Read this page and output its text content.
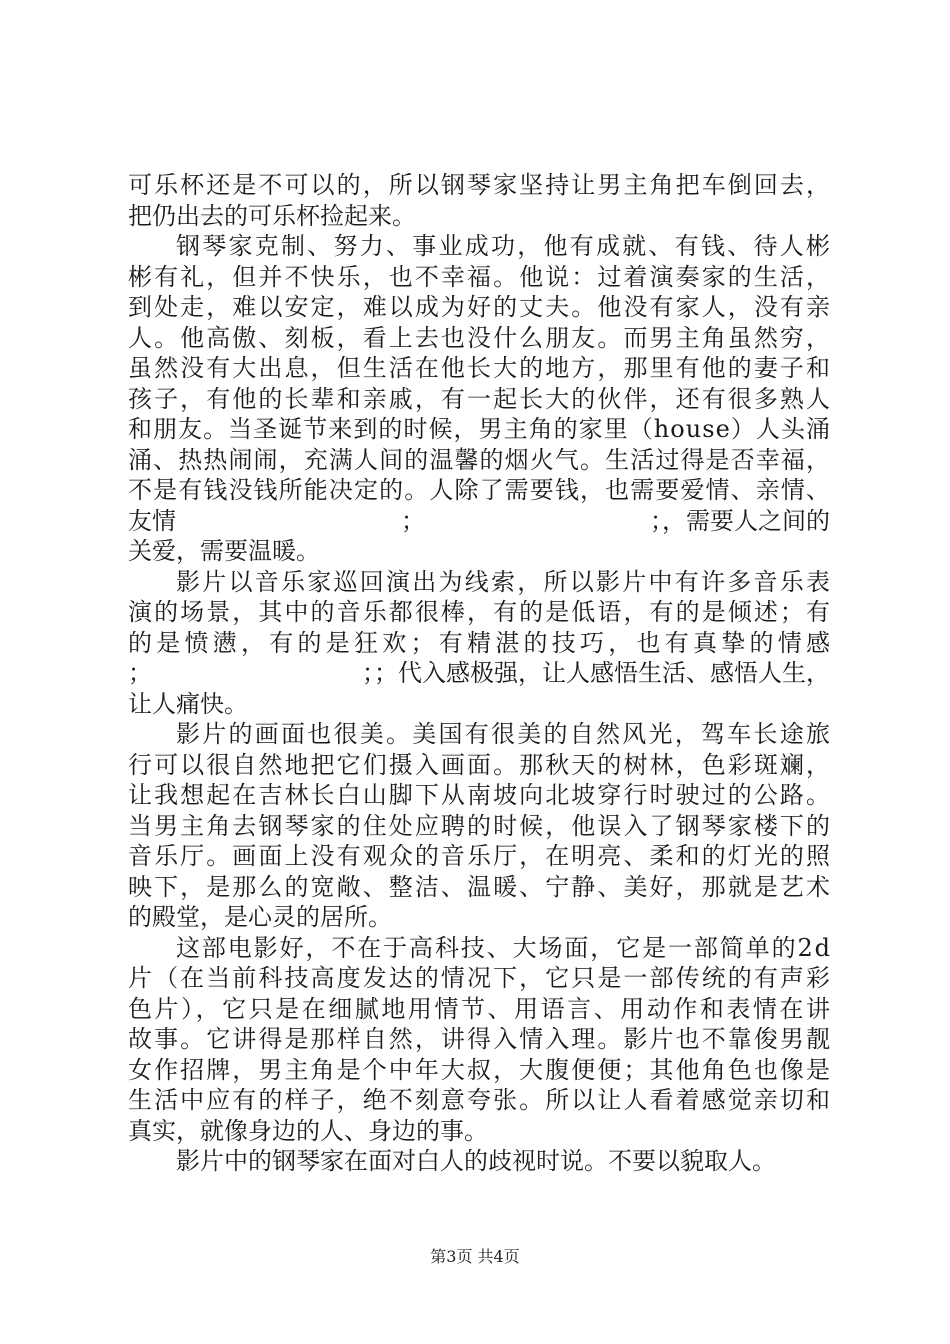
可乐杯还是不可以的，所以钢琴家坚持让男主角把车倒回去，
把仍出去的可乐杯捡起来。
钢琴家克制、努力、事业成功，他有成就、有钱、待人彬
彬有礼，但并不快乐，也不幸福。他说：过着演奏家的生活，
到处走，难以安定，难以成为好的丈夫。他没有家人，没有亲
人。他高傲、刻板，看上去也没什么朋友。而男主角虽然穷，
虽然没有大出息，但生活在他长大的地方，那里有他的妻子和
孩子，有他的长辈和亲戚，有一起长大的伙伴，还有很多熟人
和朋友。当圣诞节来到的时候，男主角的家里（house）人头涌
涌、热热闹闹，充满人间的温馨的烟火气。生活过得是否幸福，
不是有钱没钱所能决定的。人除了需要钱，也需要爱情、亲情、
友情	；	；，需要人之间的
关爱，需要温暖。
影片以音乐家巡回演出为线索，所以影片中有许多音乐表
演的场景，其中的音乐都很棒，有的是低语，有的是倾述；有
的是愤懑，有的是狂欢；有精湛的技巧，也有真挚的情感
；	；；代入感极强，让人感悟生活、感悟人生，
让人痛快。
影片的画面也很美。美国有很美的自然风光，驾车长途旅
行可以很自然地把它们摄入画面。那秋天的树林，色彩斑斓，
让我想起在吉林长白山脚下从南坡向北坡穿行时驶过的公路。
当男主角去钢琴家的住处应聘的时候，他误入了钢琴家楼下的
音乐厅。画面上没有观众的音乐厅，在明亮、柔和的灯光的照
映下，是那么的宽敞、整洁、温暖、宁静、美好，那就是艺术
的殿堂，是心灵的居所。
这部电影好，不在于高科技、大场面，它是一部简单的2d
片（在当前科技高度发达的情况下，它只是一部传统的有声彩
色片），它只是在细腻地用情节、用语言、用动作和表情在讲
故事。它讲得是那样自然，讲得入情入理。影片也不靠俊男靓
女作招牌，男主角是个中年大叔，大腹便便；其他角色也像是
生活中应有的样子，绝不刻意夸张。所以让人看着感觉亲切和
真实，就像身边的人、身边的事。
影片中的钢琴家在面对白人的歧视时说。不要以貌取人。
第3页 共4页
